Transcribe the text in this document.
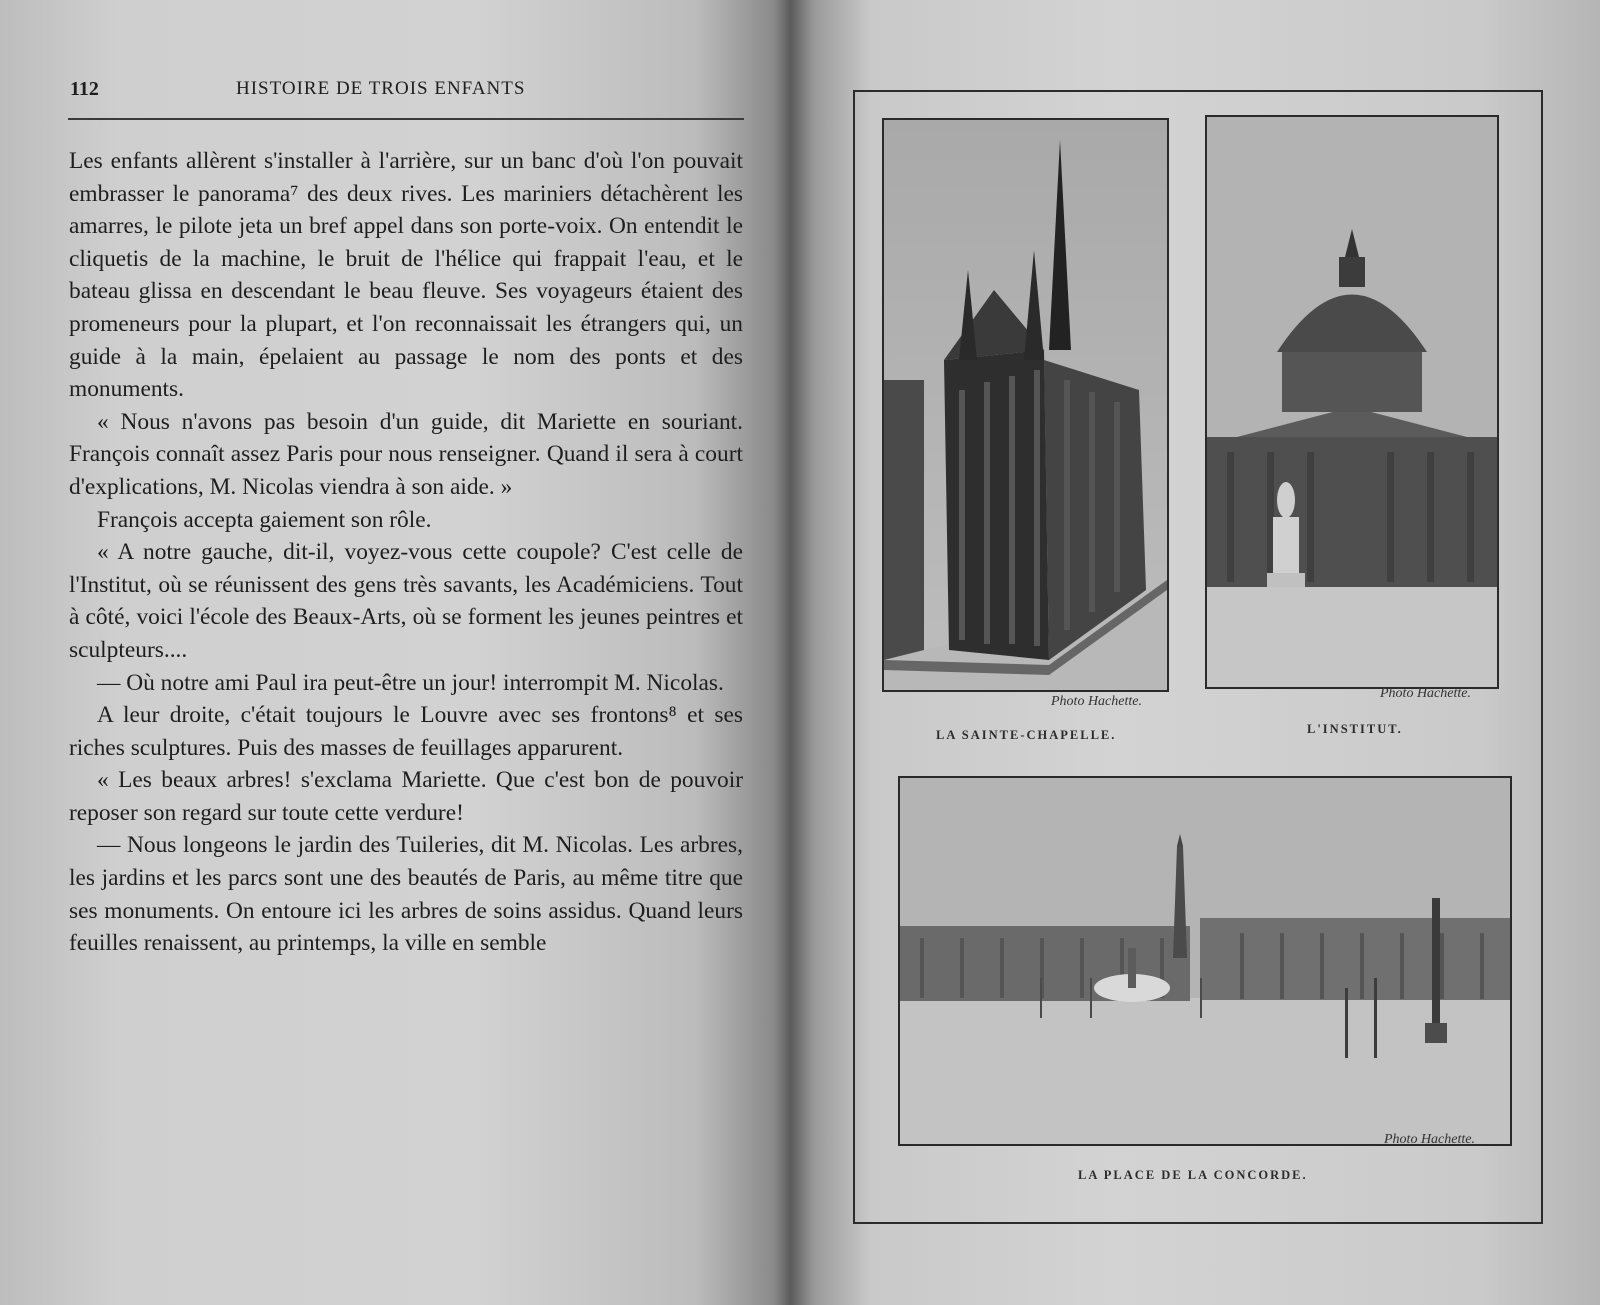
112	HISTOIRE DE TROIS ENFANTS

Les enfants allèrent s'installer à l'arrière, sur un banc d'où l'on pouvait embrasser le panorama⁷ des deux rives. Les mariniers détachèrent les amarres, le pilote jeta un bref appel dans son porte-voix. On entendit le cliquetis de la machine, le bruit de l'hélice qui frappait l'eau, et le bateau glissa en descendant le beau fleuve. Ses voyageurs étaient des promeneurs pour la plupart, et l'on reconnaissait les étrangers qui, un guide à la main, épelaient au passage le nom des ponts et des monuments.

« Nous n'avons pas besoin d'un guide, dit Mariette en souriant. François connaît assez Paris pour nous renseigner. Quand il sera à court d'explications, M. Nicolas viendra à son aide. »

François accepta gaiement son rôle.

« A notre gauche, dit-il, voyez-vous cette coupole? C'est celle de l'Institut, où se réunissent des gens très savants, les Académiciens. Tout à côté, voici l'école des Beaux-Arts, où se forment les jeunes peintres et sculpteurs....

— Où notre ami Paul ira peut-être un jour! interrompit M. Nicolas.

A leur droite, c'était toujours le Louvre avec ses frontons⁸ et ses riches sculptures. Puis des masses de feuillages apparurent.

« Les beaux arbres! s'exclama Mariette. Que c'est bon de pouvoir reposer son regard sur toute cette verdure!

— Nous longeons le jardin des Tuileries, dit M. Nicolas. Les arbres, les jardins et les parcs sont une des beautés de Paris, au même titre que ses monuments. On entoure ici les arbres de soins assidus. Quand leurs feuilles renaissent, au printemps, la ville en semble

Photo Hachette.
LA SAINTE-CHAPELLE.
Photo Hachette.
L'INSTITUT.
Photo Hachette.
LA PLACE DE LA CONCORDE.
